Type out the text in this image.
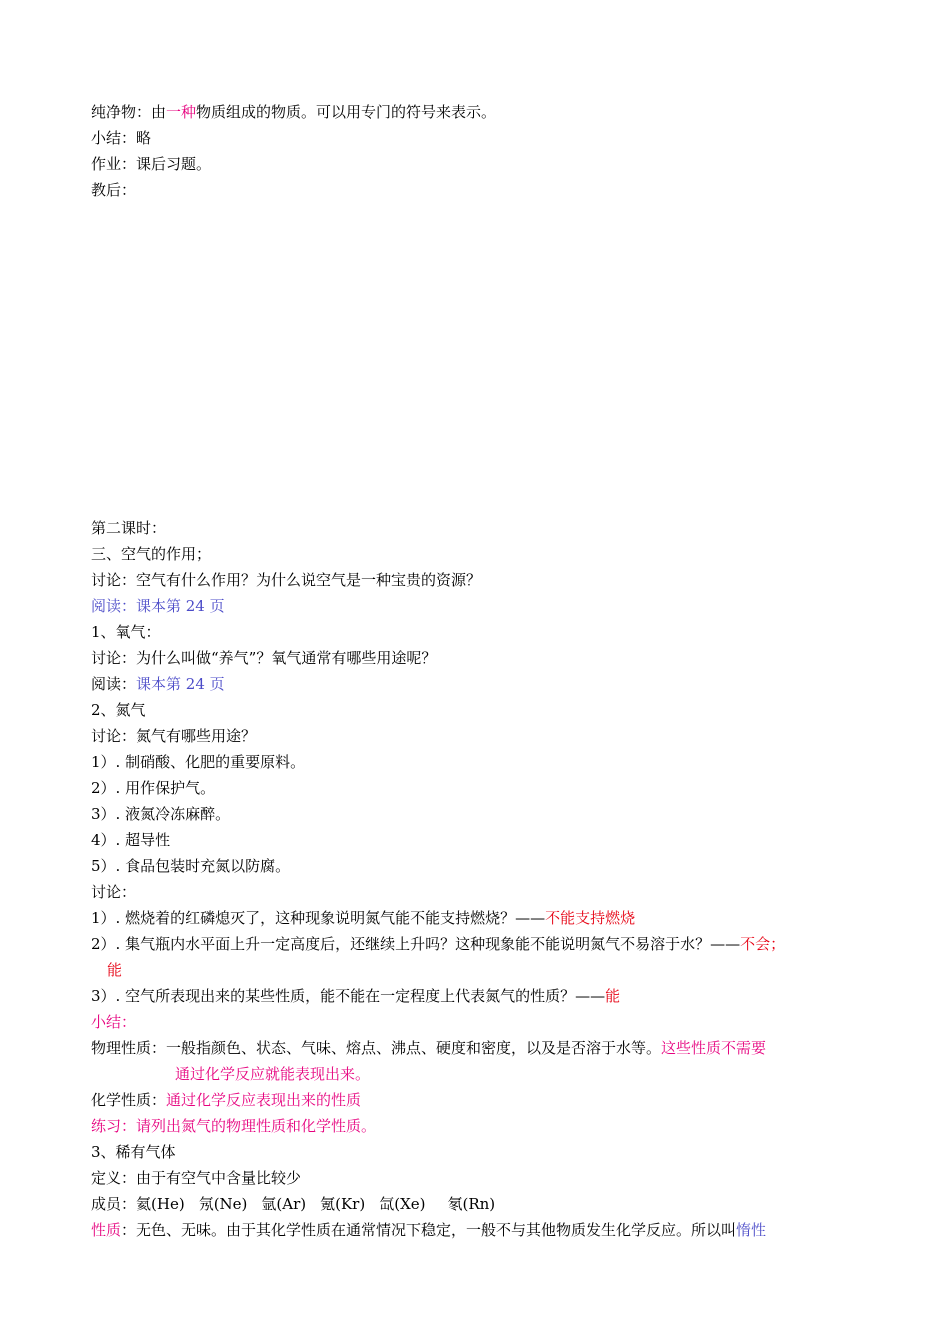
纯净物：由一种物质组成的物质。可以用专门的符号来表示。
小结：略
作业：课后习题。
教后：
第二课时：
三、空气的作用；
讨论：空气有什么作用？为什么说空气是一种宝贵的资源？
阅读：课本第 24 页
1、氧气：
讨论：为什么叫做“养气”？氧气通常有哪些用途呢？
阅读：课本第 24 页
2、氮气
讨论：氮气有哪些用途？
1）. 制硝酸、化肥的重要原料。
2）. 用作保护气。
3）. 液氮冷冻麻醉。
4）. 超导性
5）. 食品包装时充氮以防腐。
讨论：
1）. 燃烧着的红磷熄灭了，这种现象说明氮气能不能支持燃烧？——不能支持燃烧
2）. 集气瓶内水平面上升一定高度后，还继续上升吗？这种现象能不能说明氮气不易溶于水？——不会；
能
3）. 空气所表现出来的某些性质，能不能在一定程度上代表氮气的性质？——能
小结：
物理性质：一般指颜色、状态、气味、熔点、沸点、硬度和密度，以及是否溶于水等。这些性质不需要
通过化学反应就能表现出来。
化学性质：通过化学反应表现出来的性质
练习：请列出氮气的物理性质和化学性质。
3、稀有气体
定义：由于有空气中含量比较少
成员：氦(He) 氖(Ne) 氩(Ar) 氪(Kr) 氙(Xe) 氡(Rn)
性质：无色、无味。由于其化学性质在通常情况下稳定，一般不与其他物质发生化学反应。所以叫惰性
